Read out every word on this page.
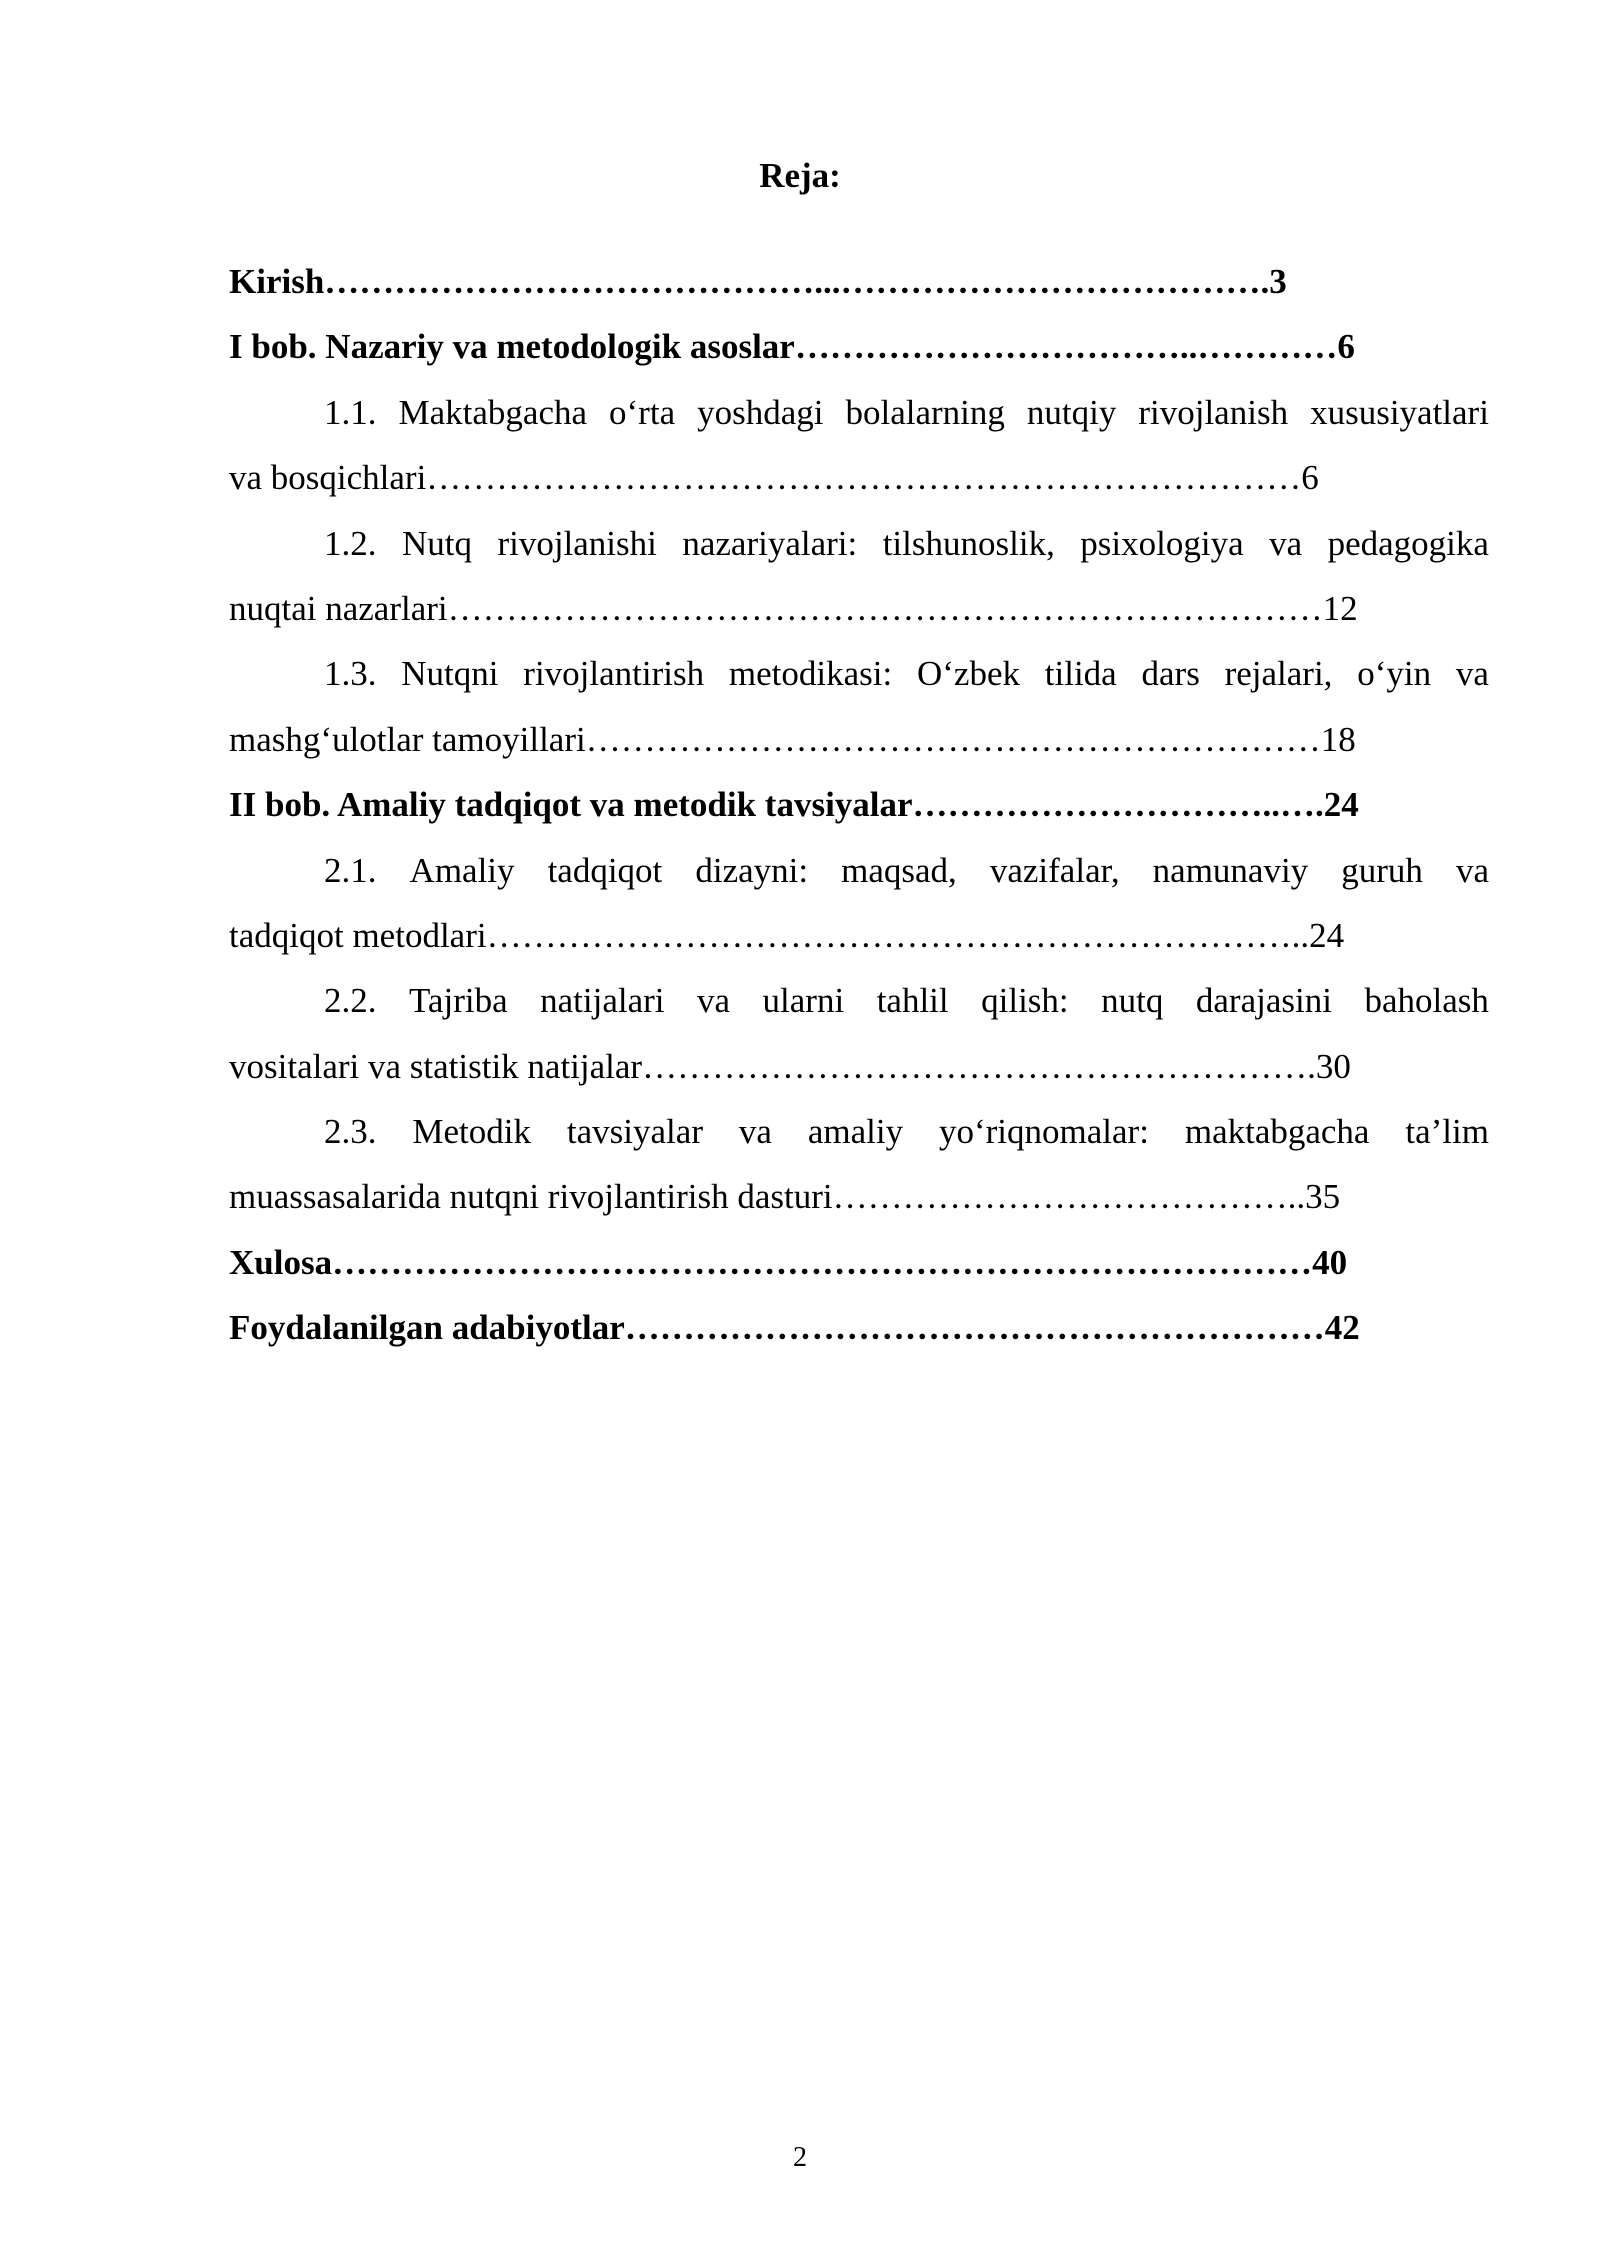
Reja:
Kirish……………………………………...……………………………….3
I bob. Nazariy va metodologik asoslar……………………………..…………6
1.1. Maktabgacha o‘rta yoshdagi bolalarning nutqiy rivojlanish xususiyatlari
va bosqichlari…………………………………………………………………6
1.2. Nutq rivojlanishi nazariyalari: tilshunoslik, psixologiya va pedagogika
nuqtai nazarlari…………………………………………………………………12
1.3. Nutqni rivojlantirish metodikasi: O‘zbek tilida dars rejalari, o‘yin va
mashg‘ulotlar tamoyillari………………………………………………………18
II bob. Amaliy tadqiqot va metodik tavsiyalar…………………………..….24
2.1. Amaliy tadqiqot dizayni: maqsad, vazifalar, namunaviy guruh va
tadqiqot metodlari……………………………………………………………..24
2.2. Tajriba natijalari va ularni tahlil qilish: nutq darajasini baholash
vositalari va statistik natijalar………………………………………………….30
2.3. Metodik tavsiyalar va amaliy yo‘riqnomalar: maktabgacha ta’lim
muassasalarida nutqni rivojlantirish dasturi…………………………………..35
Xulosa…………………………………………………………………………40
Foydalanilgan adabiyotlar……………………………………………………42
2
